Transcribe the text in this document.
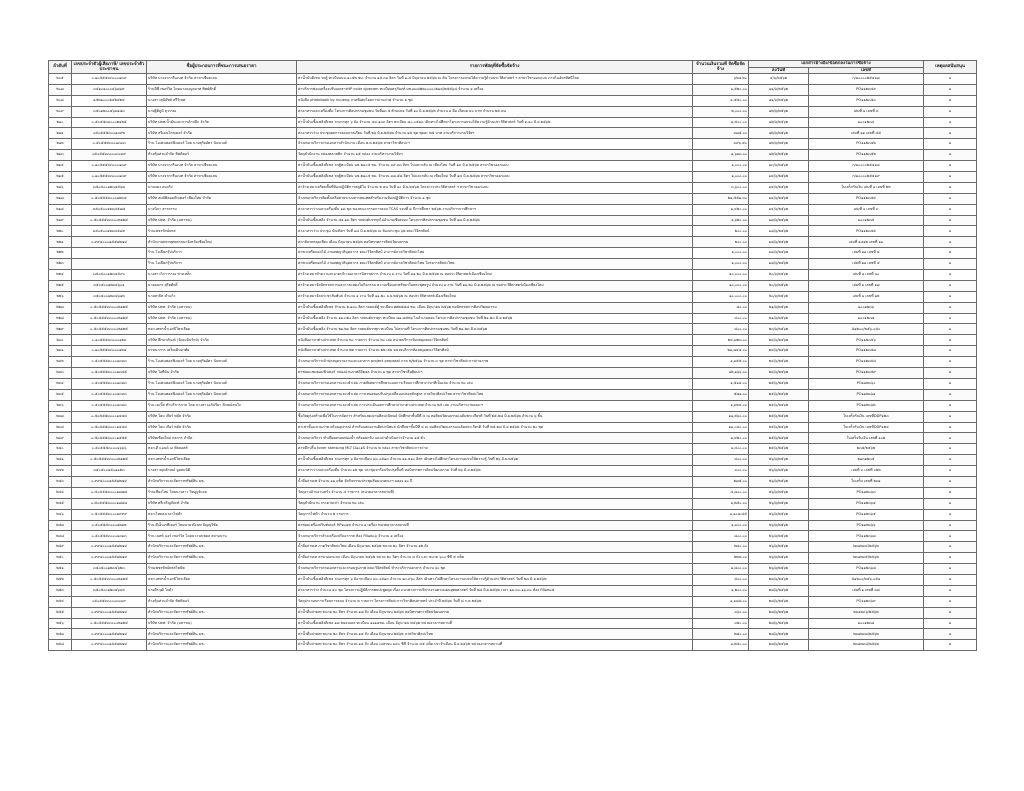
ลำดับที่	เลขประจำตัวผู้เสียภาษี/ เลขประจำตัวประชาชน	ชื่อผู้ประกอบการที่ชนะการเสนอราคา	รายการพัสดุที่จัดซื้อจัดจ้าง	จำนวนเงินรวมที่ จัดซื้อจัดจ้าง	เอกสารอ้างอิง/ข้อตกลงในการซื้อจ้าง		เหตุผลสนับสนุน
					ลงวันที่	เลขที่	
๒๐๕	๐-๑๐๕๕๕๓๓๐๐๐๑๓๙	บริษัท บางจากกรีนเนท จำกัด สาขาเชียงแสน	ค่าน้ำมันดีเซล รถตู้ ทะเบียนนม-๑๐๕๒ ชม. จำนวน ๑๕.๓๑ ลิตร วันที่ ๑-๕ มิถุนายน ๒๕๖๒ ณ ค้น โครงการอบรมให้ความรู้ด้านประวัติศาสตร์ ฯ สาขาวิชาออกแบบ ภาษไนอัตรทัศนีใหม่	๖๒๔.๒๐	๔/๖/๒๕๖๒	ก/๑๐๐๐๐๒๕๔๑๗	๑
๒๐๗	๓๕๑๐๑๐๐๐๔๖๗๖๙	ร้านบีพี เซอร์วิส โดยนางเบญจมาศ ทิพย์ศักดิ์	ค่าบริการซ่อมเครื่องปรับเอกสารHP color cjpecam ทะเบียนครุภัณฑ์ มช.๗๐๘๒๒๐๐๐๐๐๒๑๔/๒๕๕๖๘ จำนวน ๑ เครื่อง	๑,๕๒๐.๐๐	๑๑/๖/๒๕๖๒	PO๑๑๒๓๔๙	๑
๒๐๘	๑๕๒๑๐๐๐๒๔๒๔๒๔	นางสาวสุนิษัทย์ ศรีวิเชศ	หนังสือ photobook by nuueng ภาคพิเศษโดยการถ่ายภาพ จำนวน ๑ ชุด	๑,๕๕๐.๐๐	๑๑/๖/๒๕๖๒	PO๑๑๒๓๕๓	๑
๒๐๙	๓๕๐๑๒๐๐๔๖๓๑๘๓	นายฐิติภูมิ สุวรรณ	ค่าอาหารและเครื่องดื่ม โครงการศิลปกรรมชุมชน วันที่๑๓ ๕ ตัวแปลง วันที่ ๑๐ มิ.ย.๒๕๖๒ จำนวน ๑ มือ เงื่อนย ๔๐ บาท จำนวน ๒๕ คน	๒,๐๐๐.๐๐	๑๒/๖/๒๕๖๒	เล่มที่ ๑ เลขที่ ๓	๑
๒๑๐	๐-๕๐๕๕๓๓๐๐๐๒๑๒๕	บริษัท ปตท.น้ำมันและการค้าปลีก จำกัด	ค่าน้ำมันเชื้อเพลิงดีเซล รถบรรทุก ๖ ล้อ จำนวน ๔๔.๑๓๓ ลิตร ทะเบียน ๘๐-๐๕๑๓ เดินทางไปศึกษาโครงการอบรมให้ความรู้ด้านประวัติศาสตร์ วันที่ ๑-๑๐ มิ.ย.๒๕๖๒	๑,๕๐๐.๐๐	๑๒/๖/๒๕๖๒	๑๐๐๑๒๓๔	๑
๒๑๑	๐๕๐๕๕๕๓๐๐๑๓๙๒	บริษัท สวีเดนโกลเดอร์ จำกัด	ค่าอาหารว่าง ประชุมผลการสอบภาคเรียน วันที่ ๒๖ มิ.ย.๒๕๖๒ จำนวน ๑๕ ชุด ชุดละ ๒๕ บาท งานบริการงานวิจัยฯ	๓๗๕.๐๐	๑๒/๖/๒๕๖๒	เล่มที่ ๑๑ เลขที่ ๔๕	๑
๒๑๒	๐-๕๐๕๕๕๓๐๐๑๓๓๓	ร้าน โอเค่นพอลฟิงเดอร์ โดย นายสุริยอัศว นันทวงศ์	จ้างเหมาบริการถ่ายเอกสารสำนักงาน เดือน พ.ค.๒๕๖๒ สาขาวิชาศิลปะฯ	๓๙๖.๕๐	๑๒/๖/๒๕๖๒	PO๑๑๒๓๔๒	๑
๒๑๓	๐๕๐๕๕๓๓๐๐๐๓๐๓๙	ห้างหุ้นส่วนจำกัด ชิตติคอร์	วัสดุสำนักงาน กล่องพลาสติก จำนวน ๑๕ กล่อง งานบริหารงานวิจัยฯ	๑,๖๑๓.๐๐	๑๒/๖/๒๕๖๒	PO๑๑๒๓๕๒	๑
๒๑๔	๐-๑๐๕๕๕๓๓๐๐๐๑๓๙	บริษัท บางจากกรีนเนท จำกัด สาขาเชียงแสน	ค่าน้ำมันเชื้อเพลิงดีเซล รถตู้ทะเบียน นข-๒๑๐๕ ชม. จำนวน ๓๙.๓๓ ลิตร ไปและกลับ ณ เชียงใหม่ วันที่ ๑๓ มิ.ย.๒๕๖๒ สาขาวิชาออกแบบ	๑,๐๐๐.๐๐	๑๓/๖/๒๕๖๒	ก/๑๐๐๐๐๒๕๔๑๘	๑
๒๑๕	๐-๑๐๕๕๕๓๓๐๐๐๑๓๙	บริษัท บางจากกรีนเนท จำกัด สาขาเชียงแสน	ค่าน้ำมันเชื้อเพลิงดีเซล รถตู้ทะเบียน นข-๒๑๐๕ ชม. จำนวน ๓๗.๕๘ ลิตร ไปและกลับ ณ เชียงใหม่ วันที่ ๑๔ มิ.ย.๒๕๖๒ สาขาวิชาออกแบบ	๑,๐๐๐.๐๐	๑๔/๖/๒๕๖๒	ก/๑๐๐๐๐๒๕๔๑๙	๑
๒๑๖	๓๕๐๕๐๐๑๒๓๔๕๖๗	นายแดง สมจริง	ค่าจ้างเหมาเตรียมพื้นที่ห้องปฏิบัติการสตูดิโอ จำนวน ๒ คน วันที่ ๑๐ มิ.ย.๒๕๖๒ โครงการประวัติศาสตร์ ฯ สาขาวิชาออกแบบ	๓,๖๐๐.๐๐	๑๔/๖/๒๕๖๒	ใบเสร็จรับเงิน เล่มที่ ๑ เลขที่ ๒๒	๑
๒๑๗	๐-๕๐๕๕๕๓๐๐๐๑๒๓๔	บริษัท สมบัติคอมพิวเตอร์ เชียงใหม่ จำกัด	จ้างเหมาบริการติดตั้งเครือข่ายระบบสารสนเทศสำหรับงานห้องปฏิบัติการ จำนวน ๑ ชุด	๒๑,๕๕๑.๓๐	๑๔/๖/๒๕๖๒	PO๑๑๒๓๕๔	๑
๒๑๘	๓๕๐๕๐๐๑๒๓๔๕๗๘	นางนิภา สารธรรม	ค่าอาหารว่างและเครื่องดื่ม ๑๘ ชุด ของคณะกรรมการสอบ TCAS รอบที่ ๔ ปีการศึกษา ๒๕๖๒ งานบริการการศึกษาฯ	๑,๔๒๐.๐๐	๑๔/๖/๒๕๖๒	เล่มที่ ๑ เลขที่ ๓	๑
๒๑๙	๐-๕๐๕๕๕๓๓๐๐๐๒๑๒๕	บริษัท ปตท. จำกัด (มหาชน)	ค่าน้ำมันเชื้อเพลิง จำนวน ๔๑.๑๓ ลิตร รถยนต์บรรทุกไปอำเภอเชียงของ โครงการศิลปกรรมชุมชน วันที่ ๑๗ มิ.ย.๒๕๖๒	๑,๖๒๐.๐๐	๑๗/๖/๒๕๖๒	๑๐๐๑๒๓๕	๑
๒๒๐	๓๕๐๕๐๐๑๒๓๔๕๘๙	ร้านเพชรรัตน์พรส	ค่าอาหารว่าง ประชุม บัณฑิตฯ วันที่ ๑๘ มิ.ย.๒๕๖๒ ณ ห้องประชุม ๖๒ คณะวิจิตรศิลป์	๒๐๐.๐๐	๑๘/๖/๒๕๖๒	PO๑๑๒๓๕๕	๑
๒๒๑	๐-๙๙๔๐๐๐๑๕๕๑๒๗๔	สำนักงานพระพุทธศาสนาจังหวัดเชียงใหม่	ค่ากลับรถหลุมเชียง เดือน มิถุนายน ๒๕๖๒ หอนิทรรศการศิลปวัฒนธรรม	๒๐๐.๐๐	๑๘/๖/๒๕๖๒	เล่มที่ ๑๔๑๒ เลขที่ ๑๑	๑
๒๒๒		ร้าน โอเปียกรุ๊ปบริการ	ค่าพวงหรีดดอกไม้ งานศพญาติบุคลากร คณะวิจิตรศิลป์ อาจารย์ภาควิชาศิลปะไทย	๑,๐๐๐.๐๐	๑๘/๖/๒๕๖๒	เล่มที่ ๑๑ เลขที่ ๔	๑
๒๒๓		ร้าน โอเปียกรุ๊ปบริการ	ค่าพวงหรีดดอกไม้ งานศพญาติบุคลากร คณะวิจิตรศิลป์ อาจารย์ภาควิชาศิลปะไทย โครงการศิลปะไทย	๑,๐๐๐.๐๐	๑๘/๖/๒๕๖๒	เล่มที่ ๑๑ เลขที่ ๕	๑
๒๒๔	๓๕๐๕๐๐๑๒๓๔๕๙๐	นางสาววิภาวรรณ ช่างเหล็ก	ค่าจ้างเหมาทำความสะอาดบริเวณอาคารนิทรรศการ จำนวน ๓ งาน วันที่ ๑๑-๒๐ มิ.ย.๒๕๖๒ ณ หอประวัติศาสตร์เมืองเชียงใหม่	๑๐,๐๐๐.๐๐	๒๐/๖/๒๕๖๒	เล่มที่ ๑ เลขที่ ๑๐	๑
๒๒๕	๓๕๐๕๐๐๑๒๓๔๖๐๑	นายธนกร สุริยศักดิ์	ค่าจ้างเหมาจัดนิทรรศการและการแสดงในกิจกรรม ความเชื่อและศรัทธาในพระพุทธรูป จำนวน ๑ งาน วันที่ ๑๑-๒๐ มิ.ย.๒๕๖๒ ณ หอประวัติศาสตร์เมืองเชียงใหม่	๑๐,๐๐๐.๐๐	๒๐/๖/๒๕๖๒	เล่มที่ ๑ เลขที่ ๑๗	๑
๒๒๖	๓๕๐๕๐๐๑๒๓๔๖๑๒	นายสาธิต คำแก้ว	ค่าจ้างเหมาจัดประชาสัมพันธ์ จำนวน ๑ งาน วันที่ ๑๑-๒๐ ม.ย.๒๕๖๒ ณ หอประวัติศาสตร์เมืองเชียงใหม่	๑๐,๐๐๐.๐๐	๒๐/๖/๒๕๖๒	เล่มที่ ๑ เลขที่ ๑๒	๑
๒๒๗	๐-๕๐๕๕๕๓๓๐๐๐๒๑๒๕	บริษัท ปตท. จำกัด (มหาชน)	ค่าน้ำมันเชื้อเพลิงดีเซล จำนวน ๒.๑๓๐ ลิตร รถยนต์ตู้ ทะเบียน ศศ๒๕๘๘ ชม. เดือน มิถุนายน ๒๕๖๒ หอนิทรรศการศิลปวัฒนธรรม	๘๐.๐๐	๒๑/๖/๒๕๖๒	๑๐๐๑๒๓๖	๑
๒๒๘	๐-๕๐๕๕๕๓๓๐๐๐๒๑๒๕	บริษัท ปตท. จำกัด (มหาชน)	ค่าน้ำมันเชื้อเพลิง จำนวน ๑๑.๓๒๐ ลิตร รถยนต์บรรทุก ทะเบียน ๘๑-๘๕๒๖ ไปอำเภอฮอด โครงการศิลปกรรมชุมชน วันที่ ๒๑-๒๓ มิ.ย.๒๕๖๒	๔๐๐.๐๐	๒๑/๖/๒๕๖๒	๑๐๐๑๒๓๗	๑
๒๒๙	๐-๕๐๕๕๕๓๓๐๐๐๒๑๒๕	หจก.เพชรน้ำเอกปิโตรเลียม	ค่าน้ำมันเชื้อเพลิง จำนวน ๒๑.๒๓ ลิตร รถยนต์บรรทุก ทะเบียน ไปสถานที่ โครงการศิลปกรรมชุมชน วันที่ ๒๑-๒๓ มิ.ย.๒๕๖๒	๘๐๐.๐๐	๒๓/๖/๒๕๖๒	A๑๒๐๐/๒๕๖-๐๕๐	๑
๒๓๐	๐-๑๐๕๕๕๓๓๐๐๐๑๒๓	บริษัท ศึกษาภัณฑ์ (วัดดงอินรักษ์) จำกัด	หนังสือภาษาต่างประเทศ จำนวน ๒๐ รายการ จำนวน ๒๐ เล่ม หน่วยบริการห้องสมุดคณะวิจิตรศิลป์	๒๔,๗๒๓.๐๐	๒๔/๖/๒๕๖๒	PO๑๑๒๓๕๖	๑
๒๓๑	๐-๑๐๕๕๕๓๓๐๐๐๑๒๔	บรรณาการ เคร็ดเดินอาศัย	หนังสือภาษาต่างประเทศ จำนวน ๒๒ รายการ จำนวน ๒๒ เล่ม หน่วยบริการห้องสมุดคณะวิจิตรศิลป์	๒๑,๗๔๔.๐๐	๒๔/๖/๒๕๖๒	PO๑๑๒๓๕๗	๑
๒๓๒	๐-๕๐๕๕๕๓๐๐๐๑๓๓๓	ร้าน โอเค่นพอลฟิงเดอร์ โดย นายสุริยอัศว นันทวงศ์	จ้างเหมาบริการเข้าปกสมุดรายงานและเอกสาร project proposal ภาค ๒/๒๕๖๑ จำนวน ๓ ชุด สาขาวิชาศิลปะการถ่ายภาพ	๑,๑๕๕.๐๐	๒๔/๖/๒๕๖๒	PO๑๑๒๓๕๘	๑
๒๓๓	๐-๕๐๕๕๕๓๐๐๐๑๓๔๕	บริษัท ไอทีมัน จำกัด	ค่าซ่อมแซมคอมพิวเตอร์ กล่องอ่านภาพดิจิตอล จำนวน ๑ ชุด สาขาวิชาสื่อศิลปะฯ	๑๒,๑๖๖.๐๐	๒๔/๖/๒๕๖๒	PO๑๑๒๓๕๙	๑
๒๓๔	๐-๕๐๕๕๕๓๐๐๐๑๓๓๓	ร้าน โอเค่นพอลฟิงเดอร์ โดย นายสุริยอัศว นันทวงศ์	จ้างเหมาบริการถ่ายเอกสารและเข้าเล่ม ภาคพิเศษการศึกษาแผนการเรียนการศึกษาภาษาที่เป็นเล่ม จำนวน ๒๐ เล่ม	๑,๕๑๔.๐๐	๒๕/๖/๒๕๖๒	PO๑๑๒๓๖๐	๑
๒๓๕	๐-๕๐๕๕๕๓๐๐๐๑๓๓๓	ร้าน โอเค่นพอลฟิงเดอร์ โดย นายสุริยอัศว นันทวงศ์	จ้างเหมาบริการถ่ายเอกสารและเข้าเล่ม การเสนอขอปรับปรุงเปลี่ยนแปลงหลักสูตร ภาควิชาศิลปะไทย สาขาวิชาศิลปะไทย	๕๗๑.๐๐	๒๕/๖/๒๕๖๒	PO๑๑๒๓๖๑	๑
๒๓๖	๐-๕๐๕๕๕๓๐๐๐๑๓๓๓	ร้าน เมเปิ้ล ทำบริการกาบ โดย นางสาวอภิปรียา ลักษณ์สนใจ	จ้างเหมาบริการถ่ายเอกสารและเข้าเล่ม การประเมินผลการศึกษาภาษาต่างประเทศ จำนวน ๒๕ เล่ม งานบริหารงานคณะฯ	๑,๓๒๔.๐๐	๒๕/๖/๒๕๖๒	PO๑๑๒๓๖๒	๑
๒๓๗	๐-๕๐๕๕๕๓๐๐๐๑๔๔๔	บริษัท โฮม เกียร์ พลัส จำกัด	ซื้อวัสดุก่อสร้างเพื่อใช้ในการจัดการ สำหรับแสดงงานศิลปะนิพนธ์ นักศึกษาชั้นปีที่ ๔ ณ หอศิลปวัฒนธรรมเฉลิมพระเกียรติ วันที่ ๒๕-๒๘ มิ.ย.๒๕๖๒ จำนวน ๖ ชิ้น	๑๑,๕๖๐.๐๐	๒๕/๖/๒๕๖๒	ใบเสร็จรับเงิน เลขที่DDP๑๒๓	๑
๒๓๘	๐-๕๐๕๕๕๓๐๐๐๑๔๔๔	บริษัท โฮม เกียร์ พลัส จำกัด	ค่าเช่าชั้นแขวนภาพ พร้อมอุปกรณ์ สำหรับแสดงงานศิลปะนิพนธ์ นักศึกษาชั้นปีที่ ๔ ณ หอศิลปวัฒนธรรมเฉลิมพระเกียรติ วันที่ ๒๕-๒๘ มิ.ย.๒๕๖๒ จำนวน ๒๐ ชุด	๑๑,๐๔๐.๐๐	๒๕/๖/๒๕๖๒	ใบเสร็จรับเงิน เลขที่DDP๑๒๔	๑
๒๓๙	๐-๕๐๕๕๕๓๐๐๐๑๕๕๕	บริษัทเชียงใหม่ กลการ จำกัด	จ้างเหมาบริการ ทำเฟืองครอบฟองน้ำ พร้อมยกรับ และค่าดำเนินการจำนวน ๑๕ ตัว	๑,๔๒๐.๐๐	๒๕/๖/๒๕๖๒	ใบเสร็จรับเงิน เลขที่ ๑๐๒	๑
๒๔๐	๐-๕๐๕๕๕๓๐๐๐๑๖๖๖	หจก.ดี แอนด์ เอ พัลลอสส์	ค่าหมึกปริ้น toner samsung MLT D๑๐๑S จำนวน ๒ กล่อง สาขาวิชาศิลปะการถ่าย	๑,๔๐๐.๐๐	๒๕/๖/๒๕๖๒	๒๓๕/๒๕๖๒	๑
๒๔๑	๐-๕๐๕๕๕๓๓๐๐๐๒๑๒๕	หจก.เพชรน้ำเอกปิโตรเลียม	ค่าน้ำมันเชื้อเพลิงดีเซล รถบรรทุก ๖ ล้อ ทะเบียน ๘๐-๐๕๑๓ จำนวน ๑๑.๔๑๐ ลิตร เดินทางไปศึกษาโครงการอบรมให้ความรู้ วันที่ ๒๖ มิ.ย.๒๕๖๒	๔๐๐.๐๐	๒๖/๖/๒๕๖๒	๒๑๓๑๒๓๕	๑
๒๔๒	๓๕๐๕๐๐๑๕๐๑๑๒๓	นางสาวศุภลักษณ์ มูลสมบัติ	ค่าอาหารว่างและเครื่องดื่ม จำนวน ๑๒ ชุด ประชุมหารือปรับปรุงพื้นที่ หอนิทรรศการศิลปวัฒนธรรม วันที่ ๒๖ มิ.ย.๒๕๖๒	๓๐๐.๐๐	๒๖/๖/๒๕๖๒	เล่มที่ ๓ เลขที่ ๐๒๒	๑
๒๔๓	๐-๙๙๔๐๐๐๑๕๕๑๒๗๔	สำนักบริการและจัดการทรัพย์สิน มช.	น้ำดื่มถ่ายเท จำนวน ๑๑ แพ็ค จัดกิจกรรมประชุมสัมมนาคณะฯ ฉลอง ๑๐ ปี	๒๗๕.๐๐	๒๖/๖/๒๕๖๒	ใบเสร็จ เลขที่ ๒๓๑	๑
๒๔๔	๐-๕๐๕๕๕๓๐๐๐๑๗๗๗	ร้านเชียงใหม่ โดยนางสาว วิทอูฐจันจล	วัสดุงานบ้านงานครัว จำนวน ๔ รายการ (หน่วยอาคารสถานที่)	๔,๗๐๐.๐๐	๒๖/๖/๒๕๖๒	PO๑๑๒๓๖๓	๑
๒๔๕	๐-๕๐๕๕๕๓๐๐๐๑๘๘๘	บริษัท ศรีเจริญภัณฑ์ จำกัด	วัสดุสำนักงาน กระดาษเก่า จำนวน ๒๐ เล่ม	๑,๒๕๐.๐๐	๒๖/๖/๒๕๖๒	PO๑๑๒๓๖๔	๑
๒๔๖	๐-๕๐๕๕๕๓๐๐๐๑๙๙๙	หจก.ไทยลงเวลาไฟฟ้า	วัสดุการไฟฟ้า จำนวน ๒ รายการ	๑,๑๐๗.๔๕	๒๖/๖/๒๕๖๒	PO๑๑๒๓๖๕	๑
๒๔๗	๐-๕๐๕๕๕๓๐๐๐๑๒๑๒	ร้าน ดีเอ็นเรทีเคอร์ โดยนายวนิเนท ปัญญวิชัย	ค่าซ่อมเครื่องปรินท์เตอร์ HP๑๐๑๒ จำนวน ๑ เครื่อง หน่วยอาคารสถานที่	๑,๓๐๐.๐๐	๒๖/๖/๒๕๖๒	PO๑๑๒๓๖๖	๑
๒๔๘	๐-๕๐๕๕๕๓๐๐๐๑๓๑๓	ร้าน เบสท์ แอร์ เซอร์วิส โดยนางวลเพยล สยามบาน	จ้างเหมาบริการล้างเครื่องปรับอากาศ ห้อง FB๑๒๐๖ จำนวน ๑ เครื่อง	๘๐๐.๐๐	๒๖/๖/๒๕๖๒	PO๑๑๒๓๖๗	๑
๒๔๙	๐-๙๙๔๐๐๐๑๕๕๑๒๗๔	สำนักบริการและจัดการทรัพย์สิน มช.	น้ำดื่มถ่ายเท ภาควิชาศิลปะไทย เดือน มิถุนายน ๒๕๖๒ ขนาด ๒๐ ลิตร จำนวน ๑๒ ถัง	๒๔๐.๐๐	๒๖/๖/๒๕๖๒	๒๓๑๒๓๔/๒๕๖๒	๑
๒๕๐	๐-๙๙๔๐๐๐๑๕๕๑๒๗๔	สำนักบริการและจัดการทรัพย์สิน มช.	น้ำดื่มถ่ายเท สาขาออกแบบ เดือน มิถุนายน ๒๕๖๒ ขนาด ๒๐ ลิตร จำนวน ๘ ถัง และ ขนาด ๖๐๐ ซีซี ๕ แพ็ค	๒๒๘.๐๐	๒๖/๖/๒๕๖๒	๒๓๑๒๓๕/๒๕๖๒	๑
๒๕๑	๓๕๐๕๐๐๑๒๓๔๖๒๓	ร้านเพชรรัตน์พรสโฆษิต	จ้างเหมาบริการถ่ายเอกสารและกรอบรูปภาพ คณะวิจิตรศิลป์ ชำระบริการเอกสาร จำนวน ๖๐ ชุด	๑,๘๐๐.๐๐	๒๖/๖/๒๕๖๒	PO๑๑๒๓๖๘	๑
๒๕๒	๐-๕๐๕๕๕๓๓๐๐๐๒๑๒๕	หจก.เพชรน้ำเอกปิโตรเลียม	ค่าน้ำมันเชื้อเพลิงดีเซล รถบรรทุก ๖ ล้อ ทะเบียน ๘๐-๐๕๑๓ จำนวน ๑๓.๙๖๐ ลิตร เดินทางไปศึกษาโครงการอบรมให้ความรู้ด้านประวัติศาสตร์ วันที่ ๒๗ มิ.ย.๒๕๖๒	๕๐๐.๐๐	๒๗/๖/๒๕๖๒	A๑๒๐๐/๒๕๖-๐๕๑	๑
๒๕๓	๓๕๐๕๐๐๑๒๓๔๖๓๔	นายจีรวุฒิ ใจดำ	ค่าอาหารว่าง จำนวน ๔๐ ชุด โครงการปฏิบัติการพบปะพูดคุย เรื่อง แนวทางการบริหารงานตามแผนยุทธศาสตร์ วันที่ ๒๘ มิ.ย.๒๕๖๒ เวลา ๑๓.๓๐-๑๖.๓๐ ห้อง FB๑๒๐๕	๑,๒๐๐.๐๐	๒๘/๖/๒๕๖๒	เล่มที่ ๑ เลขที่ ๓๘	๑
๒๕๔	๐๕๐๕๕๓๓๐๐๐๓๐๓๙	ห้างหุ้นส่วนจำกัด ชิตติคอร์	วัสดุประกอบการเรียนการสอน จำนวน ๒ รายการ โครงการศิลปะการวิชาศิลปศาสตร์ ประจำปี ๒๕๖๒ วันที่ ๘ ก.ค.๒๕๖๒	๑,๑๘๘.๐๐	๒๘/๖/๒๕๖๒	PO๑๑๒๓๖๙	๑
๒๕๕	๐-๙๙๔๐๐๐๑๕๕๑๒๗๔	สำนักบริการและจัดการทรัพย์สิน มช.	ค่าน้ำดื่มถ่ายเท ขนาด ๒๐ ลิตร จำนวน ๑๘ ถัง เดือน มิถุนายน ๒๕๖๒ หอนิทรรศการศิลปวัฒนธรรม	๓๖๐.๐๐	๒๘/๖/๒๕๖๒	๒๓๑๒๓๖/๒๕๖๒	๑
๒๕๖	๐-๕๐๕๕๕๓๓๐๐๐๒๑๒๕	บริษัท ปตท. จำกัด (มหาชน)	ค่าน้ำมันเชื้อเพลิงดีเซล ๑๘ ขยอนเลส ทะเบียน ๑๑๑๑ชม. เดือน มิถุนายน ๒๕๖๒ หน่วยอาคารสถานที่	๓๒๐.๐๐	๒๘/๖/๒๕๖๒	๑๐๐๑๒๓๘	๑
๒๕๗	๐-๙๙๔๐๐๐๑๕๕๑๒๗๔	สำนักบริการและจัดการทรัพย์สิน มช.	ค่าน้ำดื่มถ่ายเท ขนาด ๒๐ ลิตร จำนวน ๑๔ ถัง เดือน มิถุนายน ๒๕๖๒ ภาควิชาศิลปะไทย	๒๘๐.๐๐	๒๘/๖/๒๕๖๒	๒๓๑๒๓๗/๒๕๖๒	๑
๒๕๘	๐-๙๙๔๐๐๐๑๕๕๑๒๗๔	สำนักบริการและจัดการทรัพย์สิน มช.	ค่าน้ำดื่มถ่ายเท ขนาด ๒๐ ลิตร จำนวน ๑๔ ถัง เดือน เมษายน ๑๔๐ ซีซี จำนวน ๔๕ แพ็ค ประจำเดือน มิ.ย.๒๕๖๒ หน่วยอาคารสถานที่	๑,๒๕๐.๐๐	๒๘/๖/๒๕๖๒	๒๓๑๒๓๘/๒๕๖๒	๑
